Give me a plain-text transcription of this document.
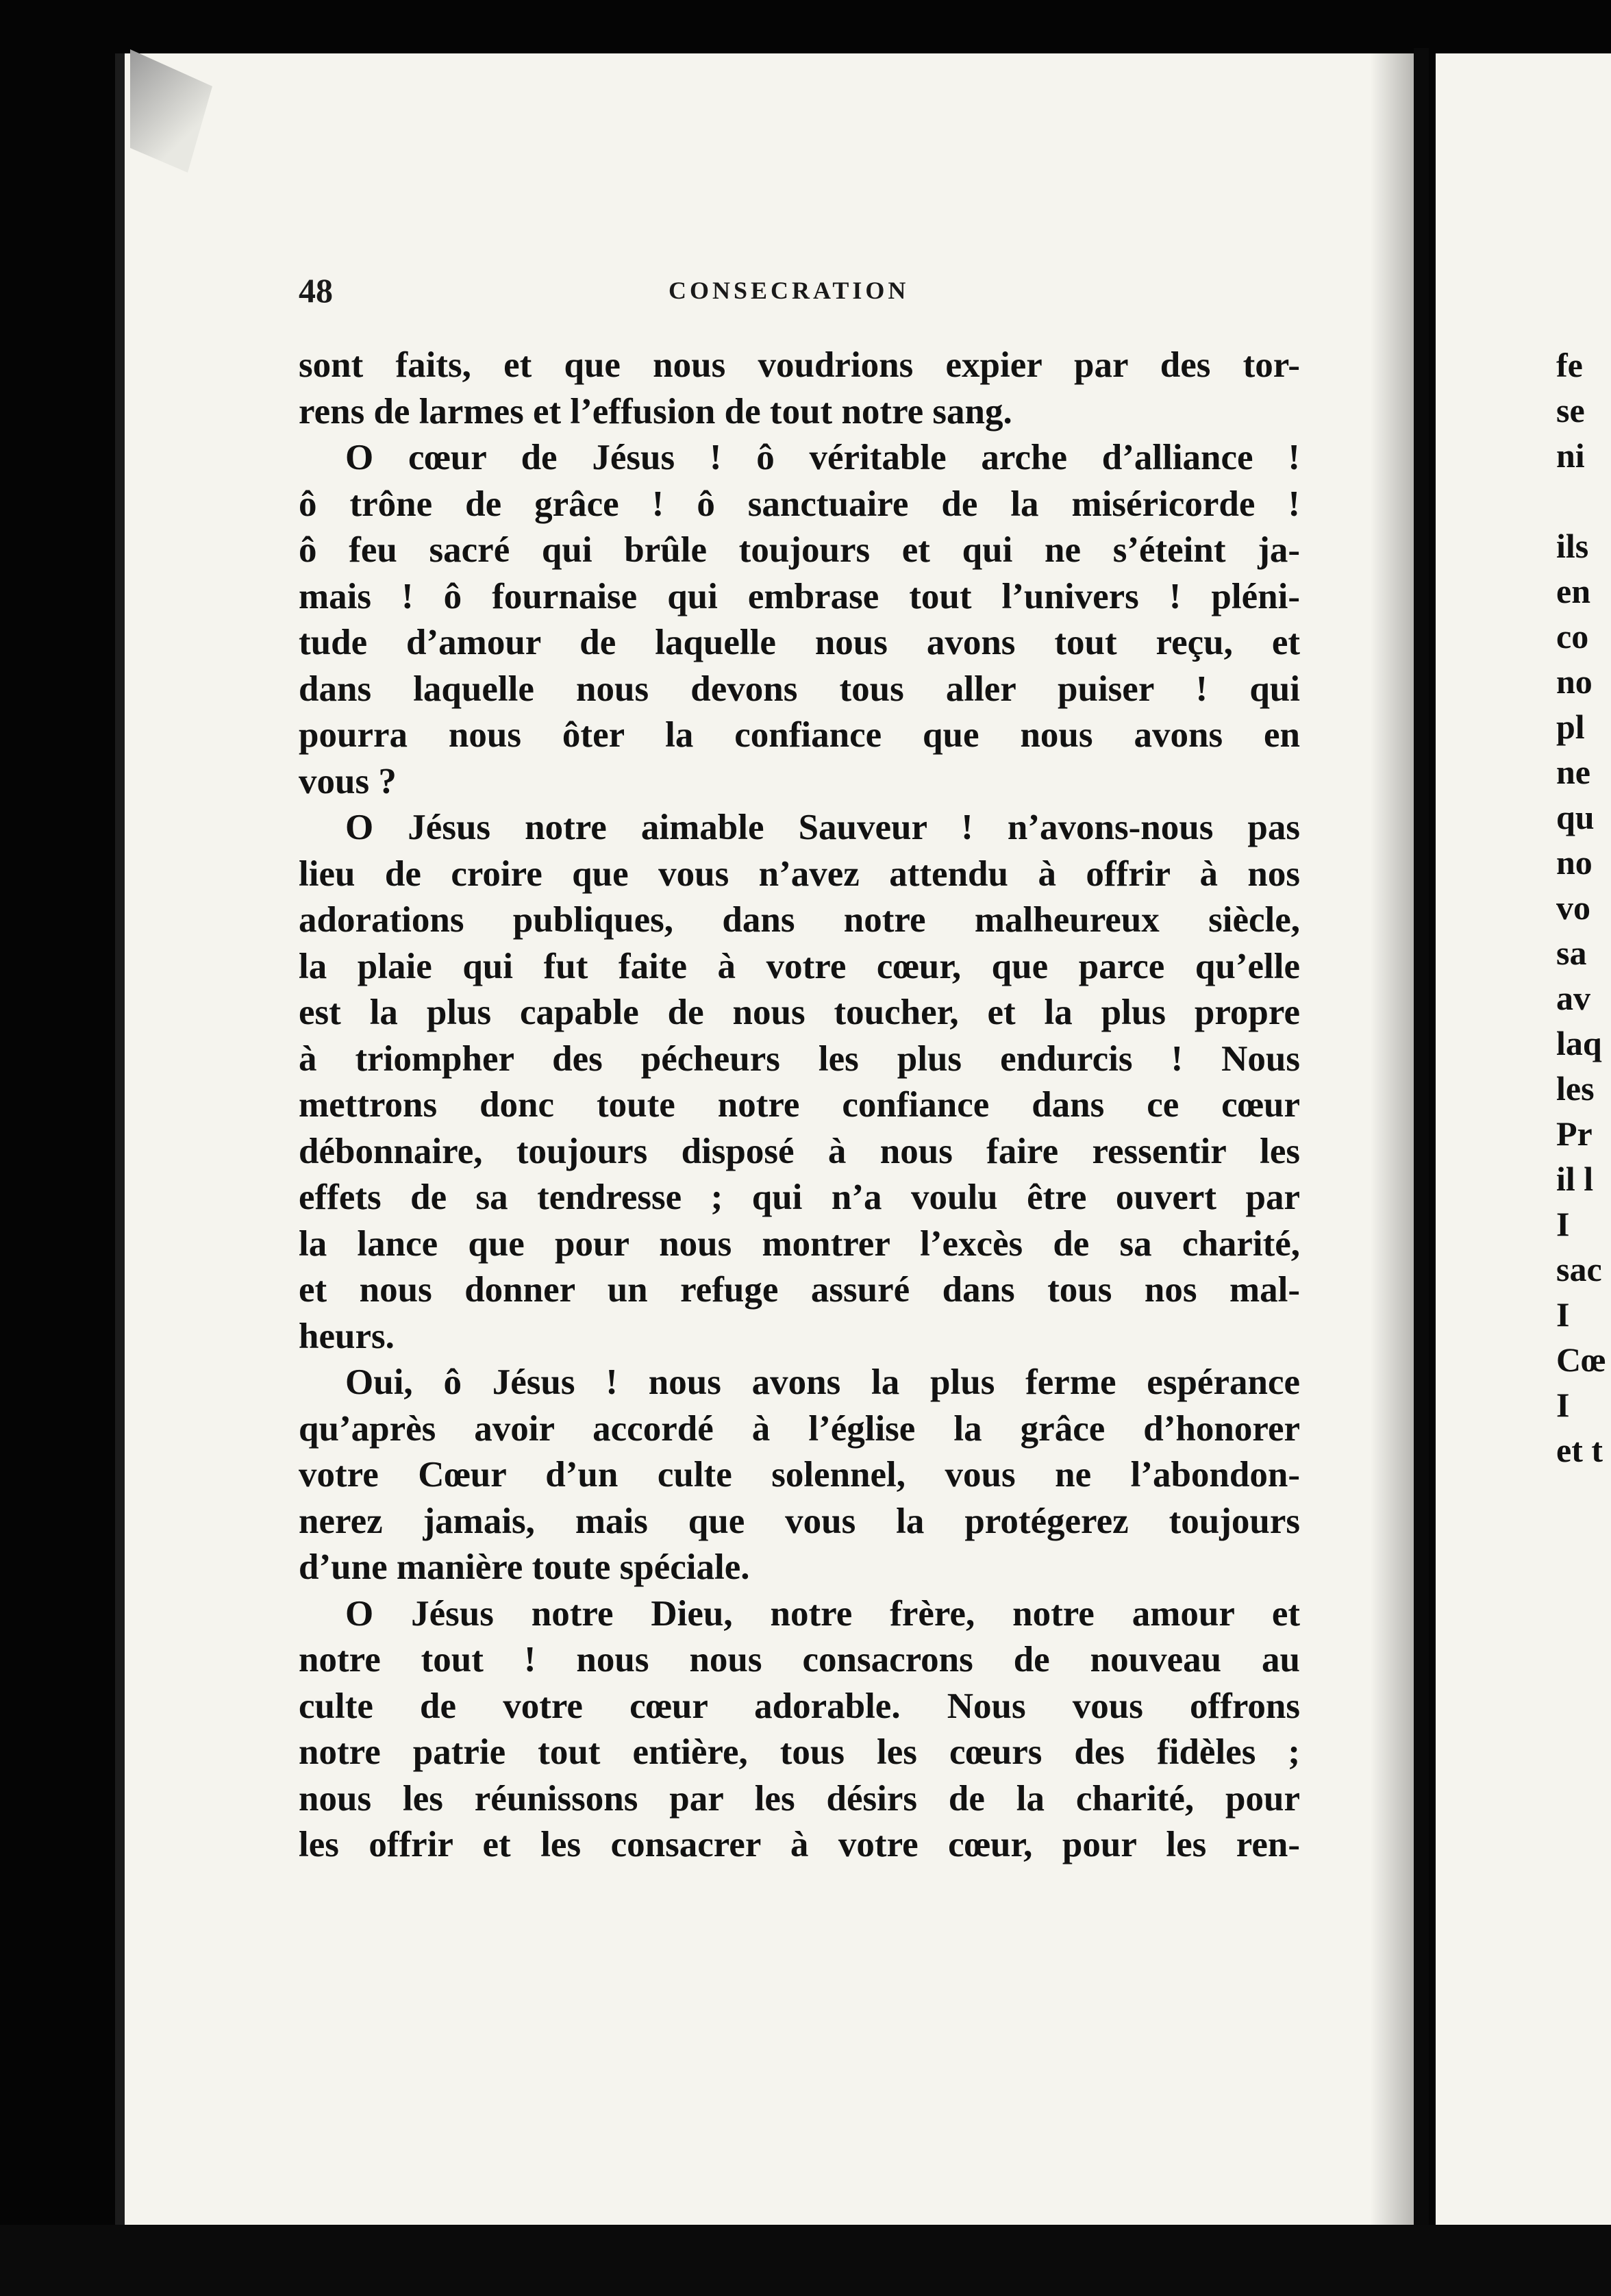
48	CONSECRATION
sont faits, et que nous voudrions expier par des tor-
rens de larmes et l’effusion de tout notre sang.
O cœur de Jésus ! ô véritable arche d’alliance !
ô trône de grâce ! ô sanctuaire de la miséricorde !
ô feu sacré qui brûle toujours et qui ne s’éteint ja-
mais ! ô fournaise qui embrase tout l’univers ! pléni-
tude d’amour de laquelle nous avons tout reçu, et
dans laquelle nous devons tous aller puiser ! qui
pourra nous ôter la confiance que nous avons en
vous ?
O Jésus notre aimable Sauveur ! n’avons-nous pas
lieu de croire que vous n’avez attendu à offrir à nos
adorations publiques, dans notre malheureux siècle,
la plaie qui fut faite à votre cœur, que parce qu’elle
est la plus capable de nous toucher, et la plus propre
à triompher des pécheurs les plus endurcis ! Nous
mettrons donc toute notre confiance dans ce cœur
débonnaire, toujours disposé à nous faire ressentir les
effets de sa tendresse ; qui n’a voulu être ouvert par
la lance que pour nous montrer l’excès de sa charité,
et nous donner un refuge assuré dans tous nos mal-
heurs.
Oui, ô Jésus ! nous avons la plus ferme espérance
qu’après avoir accordé à l’église la grâce d’honorer
votre Cœur d’un culte solennel, vous ne l’abondon-
nerez jamais, mais que vous la protégerez toujours
d’une manière toute spéciale.
O Jésus notre Dieu, notre frère, notre amour et
notre tout ! nous nous consacrons de nouveau au
culte de votre cœur adorable. Nous vous offrons
notre patrie tout entière, tous les cœurs des fidèles ;
nous les réunissons par les désirs de la charité, pour
les offrir et les consacrer à votre cœur, pour les ren-
fe
se
ni
ils
en
co
no
pl
ne
qu
no
vo
sa
av
laq
les
Pr
il l
I
sac
I
Cœ
I
et t
